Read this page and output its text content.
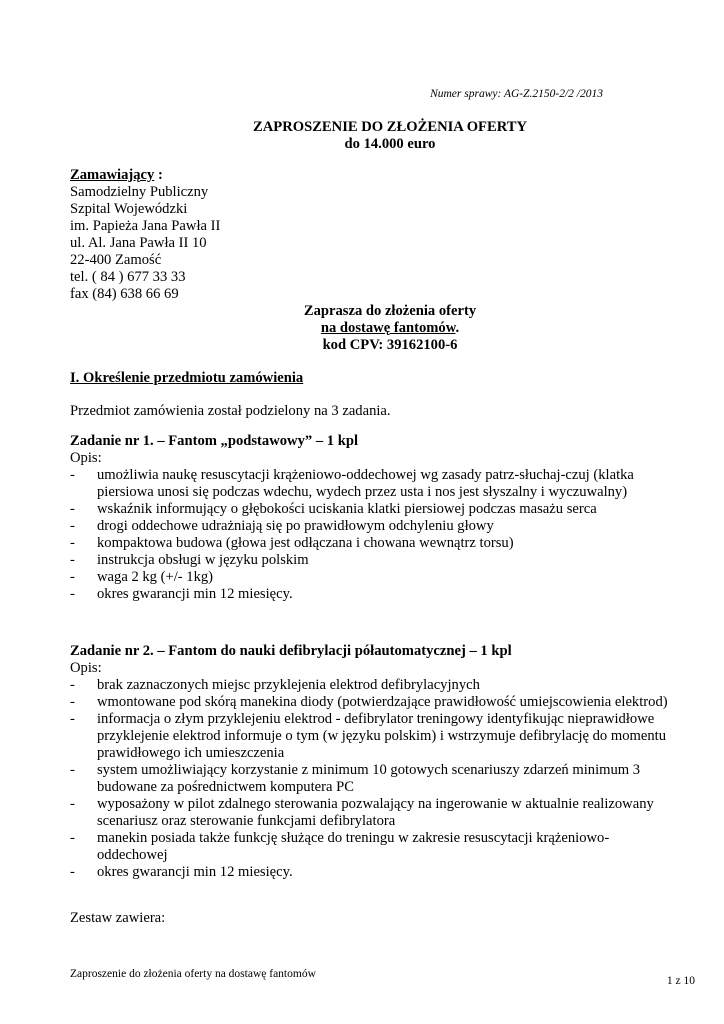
Numer sprawy: AG-Z.2150-2/2 /2013
ZAPROSZENIE DO ZŁOŻENIA OFERTY
do 14.000 euro
Zamawiający :
Samodzielny Publiczny
Szpital Wojewódzki
im. Papieża Jana Pawła II
ul. Al. Jana Pawła II 10
22-400 Zamość
tel. ( 84 ) 677 33 33
fax (84) 638 66 69
Zaprasza do złożenia oferty
na dostawę fantomów.
kod CPV: 39162100-6
I. Określenie przedmiotu zamówienia
Przedmiot zamówienia został podzielony na 3 zadania.
Zadanie nr 1. – Fantom „podstawowy” – 1 kpl
Opis:
- umożliwia naukę resuscytacji krążeniowo-oddechowej wg zasady patrz-słuchaj-czuj (klatka piersiowa unosi się podczas wdechu, wydech przez usta i nos jest słyszalny i wyczuwalny)
- wskaźnik informujący o głębokości uciskania klatki piersiowej podczas masażu serca
- drogi oddechowe udrażniają się po prawidłowym odchyleniu głowy
- kompaktowa budowa (głowa jest odłączana i chowana wewnątrz torsu)
- instrukcja obsługi w języku polskim
- waga 2 kg (+/- 1kg)
- okres gwarancji min 12 miesięcy.
Zadanie nr 2. – Fantom do nauki defibrylacji półautomatycznej – 1 kpl
Opis:
- brak zaznaczonych miejsc przyklejenia elektrod defibrylacyjnych
- wmontowane pod skórą manekina diody (potwierdzające prawidłowość umiejscowienia elektrod)
- informacja o złym przyklejeniu elektrod - defibrylator treningowy identyfikując nieprawidłowe przyklejenie elektrod informuje o tym (w języku polskim) i wstrzymuje defibrylację do momentu prawidłowego ich umieszczenia
- system umożliwiający korzystanie z minimum 10 gotowych scenariuszy zdarzeń minimum 3 budowane za pośrednictwem komputera PC
- wyposażony w pilot zdalnego sterowania pozwalający na ingerowanie w aktualnie realizowany scenariusz oraz sterowanie funkcjami defibrylatora
- manekin posiada także funkcję służące do treningu w zakresie resuscytacji krążeniowo-oddechowej
- okres gwarancji min 12 miesięcy.
Zestaw zawiera:
Zaproszenie do złożenia oferty na dostawę fantomów
1 z 10
